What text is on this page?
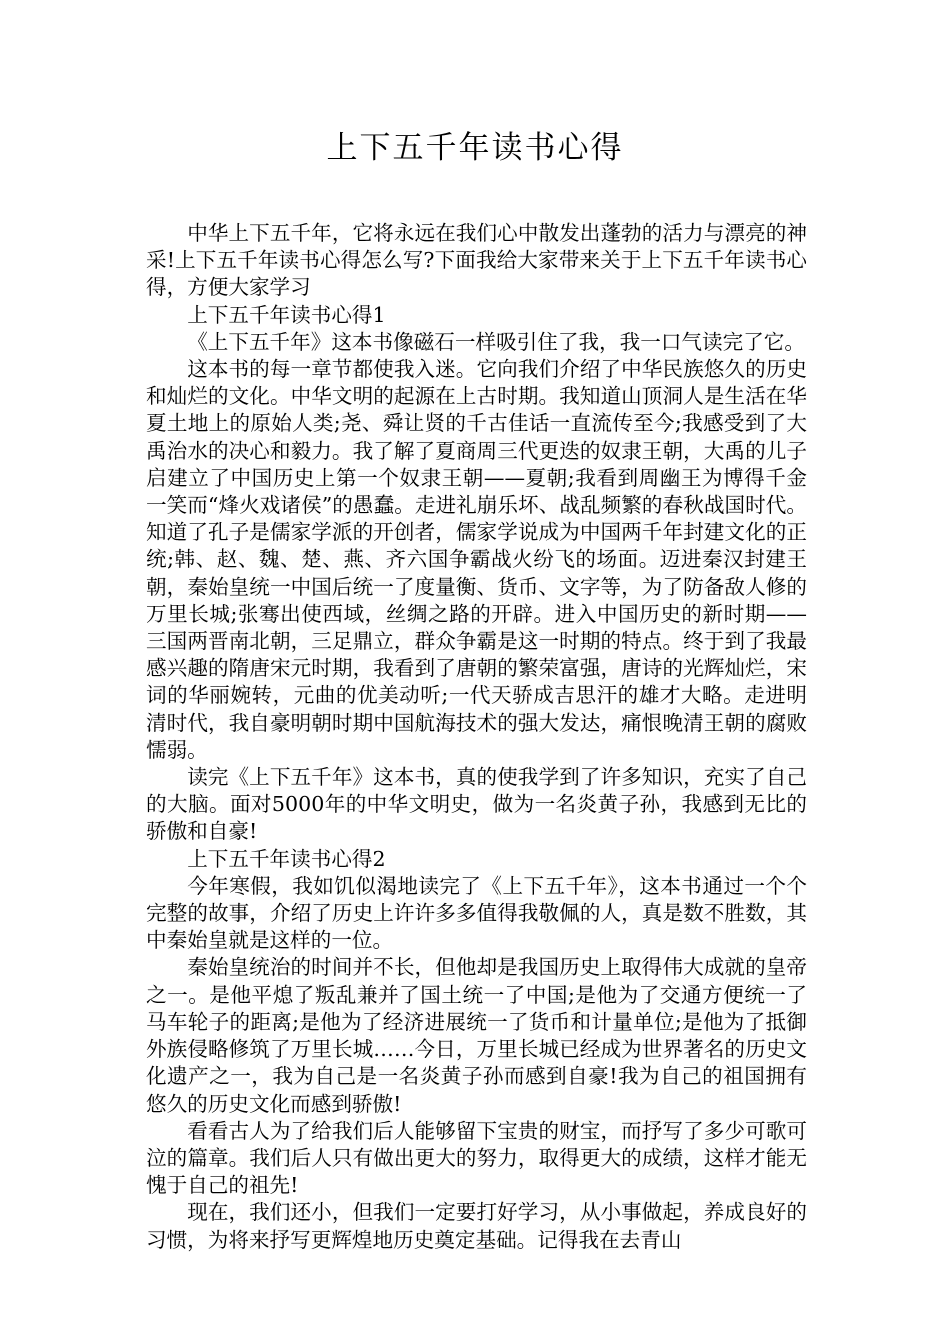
上下五千年读书心得

中华上下五千年，它将永远在我们心中散发出蓬勃的活力与漂亮的神采!上下五千年读书心得怎么写?下面我给大家带来关于上下五千年读书心得，方便大家学习

上下五千年读书心得1

《上下五千年》这本书像磁石一样吸引住了我，我一口气读完了它。

这本书的每一章节都使我入迷。它向我们介绍了中华民族悠久的历史和灿烂的文化。中华文明的起源在上古时期。我知道山顶洞人是生活在华夏土地上的原始人类;尧、舜让贤的千古佳话一直流传至今;我感受到了大禹治水的决心和毅力。我了解了夏商周三代更迭的奴隶王朝，大禹的儿子启建立了中国历史上第一个奴隶王朝——夏朝;我看到周幽王为博得千金一笑而“烽火戏诸侯”的愚蠢。走进礼崩乐坏、战乱频繁的春秋战国时代。知道了孔子是儒家学派的开创者，儒家学说成为中国两千年封建文化的正统;韩、赵、魏、楚、燕、齐六国争霸战火纷飞的场面。迈进秦汉封建王朝，秦始皇统一中国后统一了度量衡、货币、文字等，为了防备敌人修的万里长城;张骞出使西域，丝绸之路的开辟。进入中国历史的新时期——三国两晋南北朝，三足鼎立，群众争霸是这一时期的特点。终于到了我最感兴趣的隋唐宋元时期，我看到了唐朝的繁荣富强，唐诗的光辉灿烂，宋词的华丽婉转，元曲的优美动听;一代天骄成吉思汗的雄才大略。走进明清时代，我自豪明朝时期中国航海技术的强大发达，痛恨晚清王朝的腐败懦弱。

读完《上下五千年》这本书，真的使我学到了许多知识，充实了自己的大脑。面对5000年的中华文明史，做为一名炎黄子孙，我感到无比的骄傲和自豪!

上下五千年读书心得2

今年寒假，我如饥似渴地读完了《上下五千年》，这本书通过一个个完整的故事，介绍了历史上许许多多值得我敬佩的人，真是数不胜数，其中秦始皇就是这样的一位。

秦始皇统治的时间并不长，但他却是我国历史上取得伟大成就的皇帝之一。是他平熄了叛乱兼并了国土统一了中国;是他为了交通方便统一了马车轮子的距离;是他为了经济进展统一了货币和计量单位;是他为了抵御外族侵略修筑了万里长城……今日，万里长城已经成为世界著名的历史文化遗产之一，我为自己是一名炎黄子孙而感到自豪!我为自己的祖国拥有悠久的历史文化而感到骄傲!

看看古人为了给我们后人能够留下宝贵的财宝，而抒写了多少可歌可泣的篇章。我们后人只有做出更大的努力，取得更大的成绩，这样才能无愧于自己的祖先!

现在，我们还小，但我们一定要打好学习，从小事做起，养成良好的习惯，为将来抒写更辉煌地历史奠定基础。记得我在去青山
